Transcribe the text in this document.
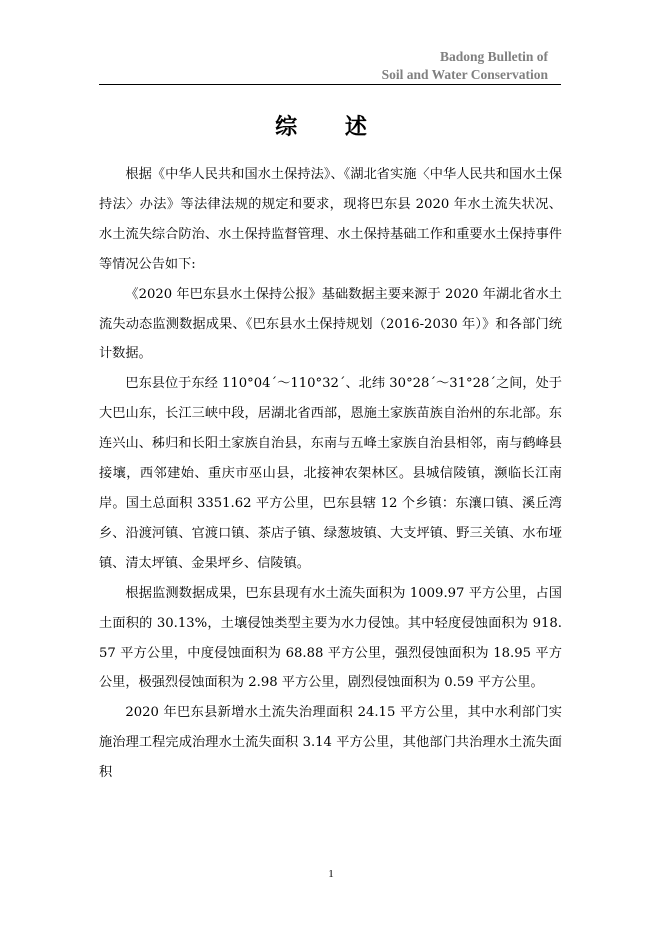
Badong Bulletin of
Soil and Water Conservation
综 述

根据《中华人民共和国水土保持法》、《湖北省实施〈中华人民共和国水土保持法〉办法》等法律法规的规定和要求，现将巴东县 2020 年水土流失状况、水土流失综合防治、水土保持监督管理、水土保持基础工作和重要水土保持事件等情况公告如下:

《2020 年巴东县水土保持公报》基础数据主要来源于 2020 年湖北省水土流失动态监测数据成果、《巴东县水土保持规划（2016-2030 年）》和各部门统计数据。

巴东县位于东经 110°04´～110°32´、北纬 30°28´～31°28´之间，处于大巴山东，长江三峡中段，居湖北省西部，恩施土家族苗族自治州的东北部。东连兴山、秭归和长阳土家族自治县，东南与五峰土家族自治县相邻，南与鹤峰县接壤，西邻建始、重庆市巫山县，北接神农架林区。县城信陵镇，濒临长江南岸。国土总面积 3351.62 平方公里，巴东县辖 12 个乡镇：东瀼口镇、溪丘湾乡、沿渡河镇、官渡口镇、茶店子镇、绿葱坡镇、大支坪镇、野三关镇、水布垭镇、清太坪镇、金果坪乡、信陵镇。

根据监测数据成果，巴东县现有水土流失面积为 1009.97 平方公里，占国土面积的 30.13%，土壤侵蚀类型主要为水力侵蚀。其中轻度侵蚀面积为 918.57 平方公里，中度侵蚀面积为 68.88 平方公里，强烈侵蚀面积为 18.95 平方公里，极强烈侵蚀面积为 2.98 平方公里，剧烈侵蚀面积为 0.59 平方公里。

2020 年巴东县新增水土流失治理面积 24.15 平方公里，其中水利部门实施治理工程完成治理水土流失面积 3.14 平方公里，其他部门共治理水土流失面积

1
